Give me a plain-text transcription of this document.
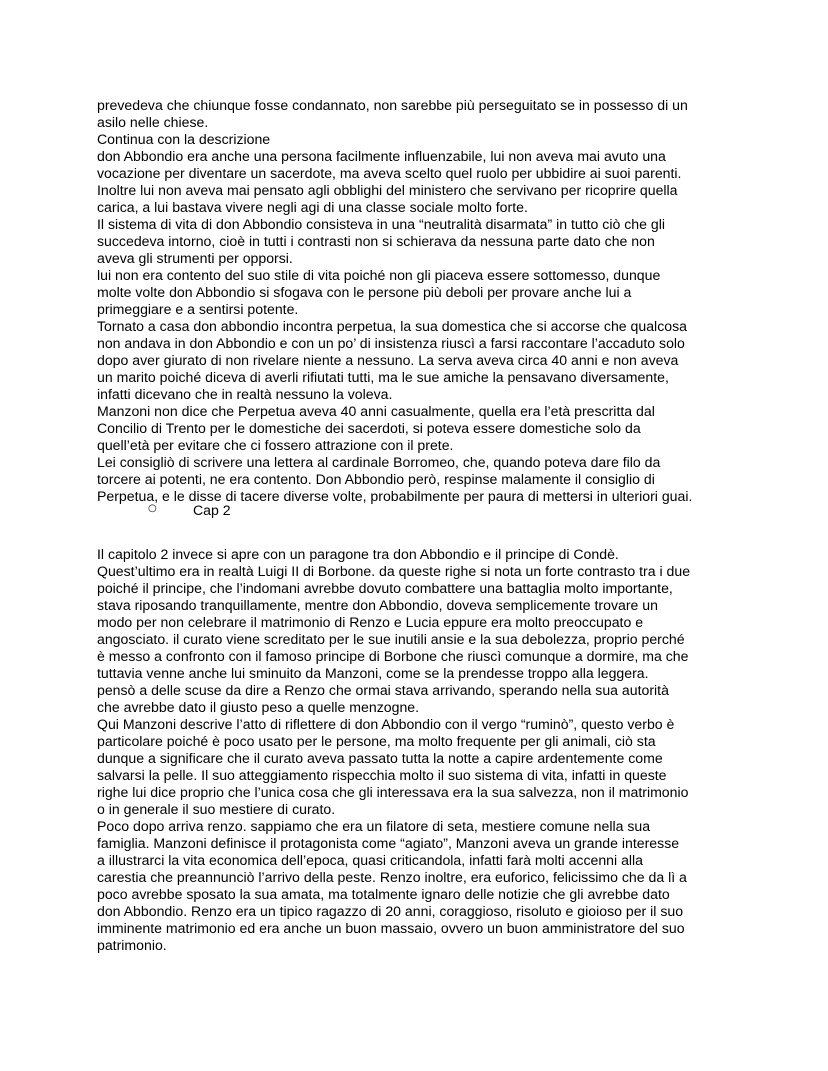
prevedeva che chiunque fosse condannato, non sarebbe più perseguitato se in possesso di un
asilo nelle chiese.
Continua con la descrizione
don Abbondio era anche una persona facilmente influenzabile, lui non aveva mai avuto una
vocazione per diventare un sacerdote, ma aveva scelto quel ruolo per ubbidire ai suoi parenti.
Inoltre lui non aveva mai pensato agli obblighi del ministero che servivano per ricoprire quella
carica, a lui bastava vivere negli agi di una classe sociale molto forte.
Il sistema di vita di don Abbondio consisteva in una “neutralità disarmata” in tutto ciò che gli
succedeva intorno, cioè in tutti i contrasti non si schierava da nessuna parte dato che non
aveva gli strumenti per opporsi.
lui non era contento del suo stile di vita poiché non gli piaceva essere sottomesso, dunque
molte volte don Abbondio si sfogava con le persone più deboli per provare anche lui a
primeggiare e a sentirsi potente.
Tornato a casa don abbondio incontra perpetua, la sua domestica che si accorse che qualcosa
non andava in don Abbondio e con un po’ di insistenza riuscì a farsi raccontare l’accaduto solo
dopo aver giurato di non rivelare niente a nessuno. La serva aveva circa 40 anni e non aveva
un marito poiché diceva di averli rifiutati tutti, ma le sue amiche la pensavano diversamente,
infatti dicevano che in realtà nessuno la voleva.
Manzoni non dice che Perpetua aveva 40 anni casualmente, quella era l’età prescritta dal
Concilio di Trento per le domestiche dei sacerdoti, si poteva essere domestiche solo da
quell’età per evitare che ci fossero attrazione con il prete.
Lei consigliò di scrivere una lettera al cardinale Borromeo, che, quando poteva dare filo da
torcere ai potenti, ne era contento. Don Abbondio però, respinse malamente il consiglio di
Perpetua, e le disse di tacere diverse volte, probabilmente per paura di mettersi in ulteriori guai.
○	Cap 2
Il capitolo 2 invece si apre con un paragone tra don Abbondio e il principe di Condè.
Quest’ultimo era in realtà Luigi II di Borbone. da queste righe si nota un forte contrasto tra i due
poiché il principe, che l’indomani avrebbe dovuto combattere una battaglia molto importante,
stava riposando tranquillamente, mentre don Abbondio, doveva semplicemente trovare un
modo per non celebrare il matrimonio di Renzo e Lucia eppure era molto preoccupato e
angosciato. il curato viene screditato per le sue inutili ansie e la sua debolezza, proprio perché
è messo a confronto con il famoso principe di Borbone che riuscì comunque a dormire, ma che
tuttavia venne anche lui sminuito da Manzoni, come se la prendesse troppo alla leggera.
pensò a delle scuse da dire a Renzo che ormai stava arrivando, sperando nella sua autorità
che avrebbe dato il giusto peso a quelle menzogne.
Qui Manzoni descrive l’atto di riflettere di don Abbondio con il vergo “ruminò”, questo verbo è
particolare poiché è poco usato per le persone, ma molto frequente per gli animali, ciò sta
dunque a significare che il curato aveva passato tutta la notte a capire ardentemente come
salvarsi la pelle. Il suo atteggiamento rispecchia molto il suo sistema di vita, infatti in queste
righe lui dice proprio che l’unica cosa che gli interessava era la sua salvezza, non il matrimonio
o in generale il suo mestiere di curato.
Poco dopo arriva renzo. sappiamo che era un filatore di seta, mestiere comune nella sua
famiglia. Manzoni definisce il protagonista come “agiato”, Manzoni aveva un grande interesse
a illustrarci la vita economica dell’epoca, quasi criticandola, infatti farà molti accenni alla
carestia che preannunciò l’arrivo della peste. Renzo inoltre, era euforico, felicissimo che da lì a
poco avrebbe sposato la sua amata, ma totalmente ignaro delle notizie che gli avrebbe dato
don Abbondio. Renzo era un tipico ragazzo di 20 anni, coraggioso, risoluto e gioioso per il suo
imminente matrimonio ed era anche un buon massaio, ovvero un buon amministratore del suo
patrimonio.
